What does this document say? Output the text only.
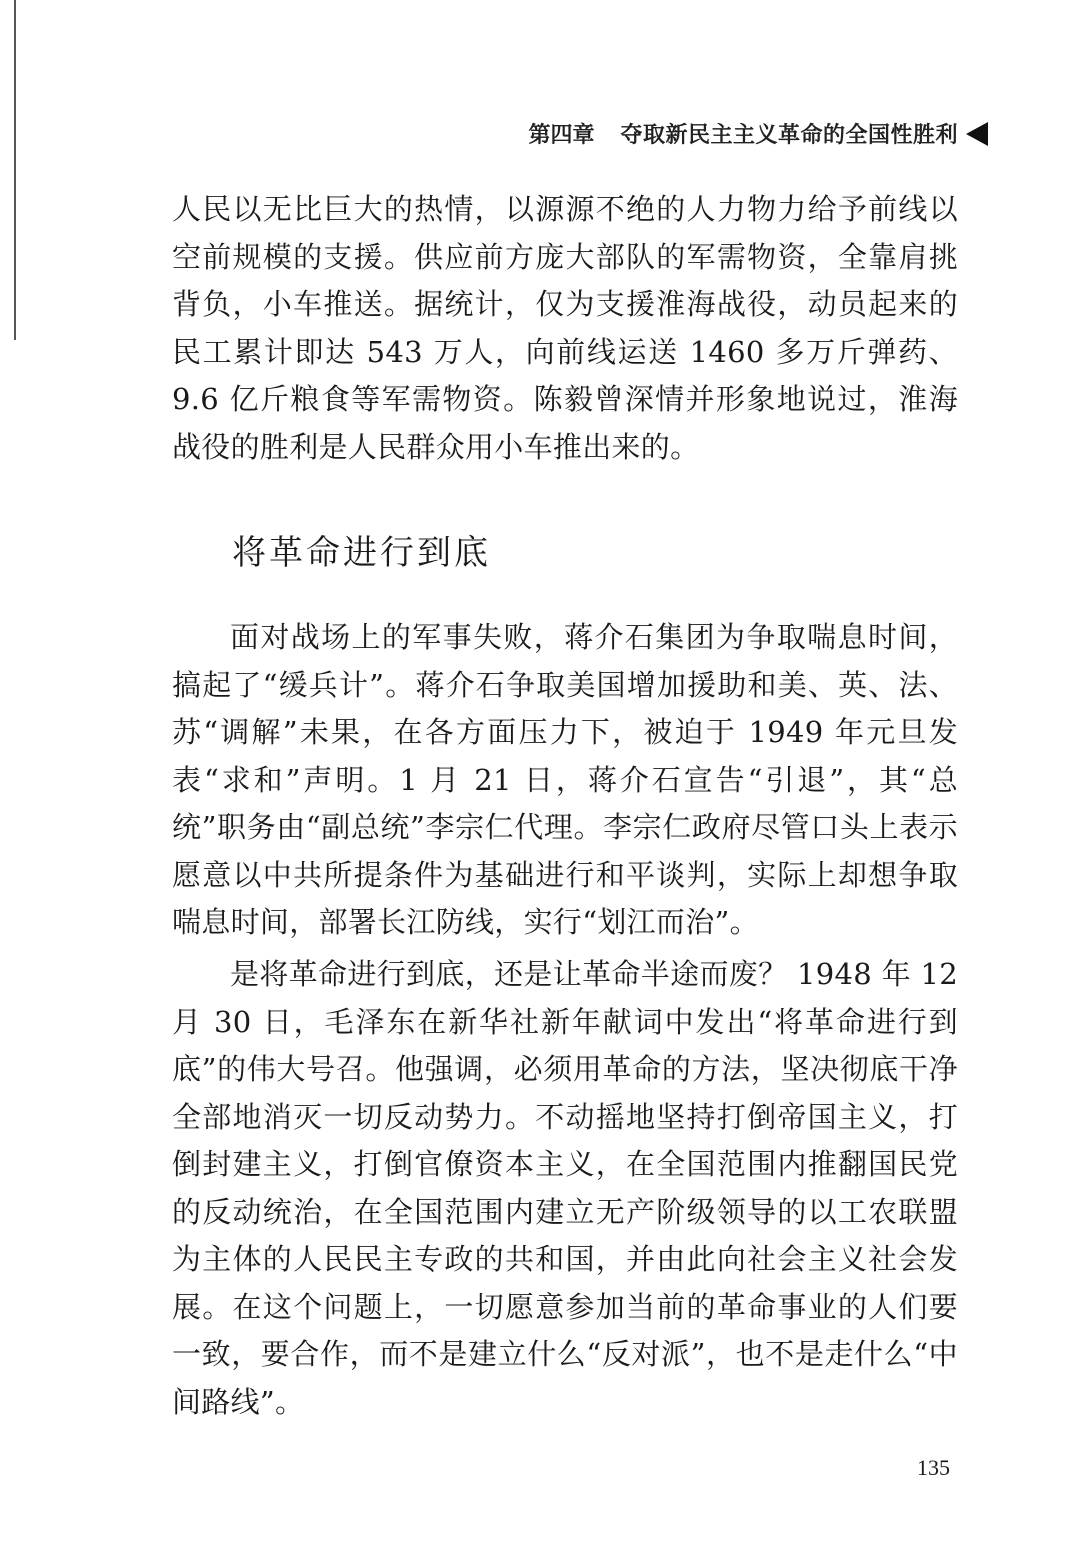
第四章 夺取新民主主义革命的全国性胜利

人民以无比巨大的热情，以源源不绝的人力物力给予前线以空前规模的支援。供应前方庞大部队的军需物资，全靠肩挑背负，小车推送。据统计，仅为支援淮海战役，动员起来的民工累计即达 543 万人，向前线运送 1460 多万斤弹药、9.6 亿斤粮食等军需物资。陈毅曾深情并形象地说过，淮海战役的胜利是人民群众用小车推出来的。

将革命进行到底

面对战场上的军事失败，蒋介石集团为争取喘息时间，搞起了“缓兵计”。蒋介石争取美国增加援助和美、英、法、苏“调解”未果，在各方面压力下，被迫于 1949 年元旦发表“求和”声明。1 月 21 日，蒋介石宣告“引退”，其“总统”职务由“副总统”李宗仁代理。李宗仁政府尽管口头上表示愿意以中共所提条件为基础进行和平谈判，实际上却想争取喘息时间，部署长江防线，实行“划江而治”。

是将革命进行到底，还是让革命半途而废？ 1948 年 12 月 30 日，毛泽东在新华社新年献词中发出“将革命进行到底”的伟大号召。他强调，必须用革命的方法，坚决彻底干净全部地消灭一切反动势力。不动摇地坚持打倒帝国主义，打倒封建主义，打倒官僚资本主义，在全国范围内推翻国民党的反动统治，在全国范围内建立无产阶级领导的以工农联盟为主体的人民民主专政的共和国，并由此向社会主义社会发展。在这个问题上，一切愿意参加当前的革命事业的人们要一致，要合作，而不是建立什么“反对派”，也不是走什么“中间路线”。

135
